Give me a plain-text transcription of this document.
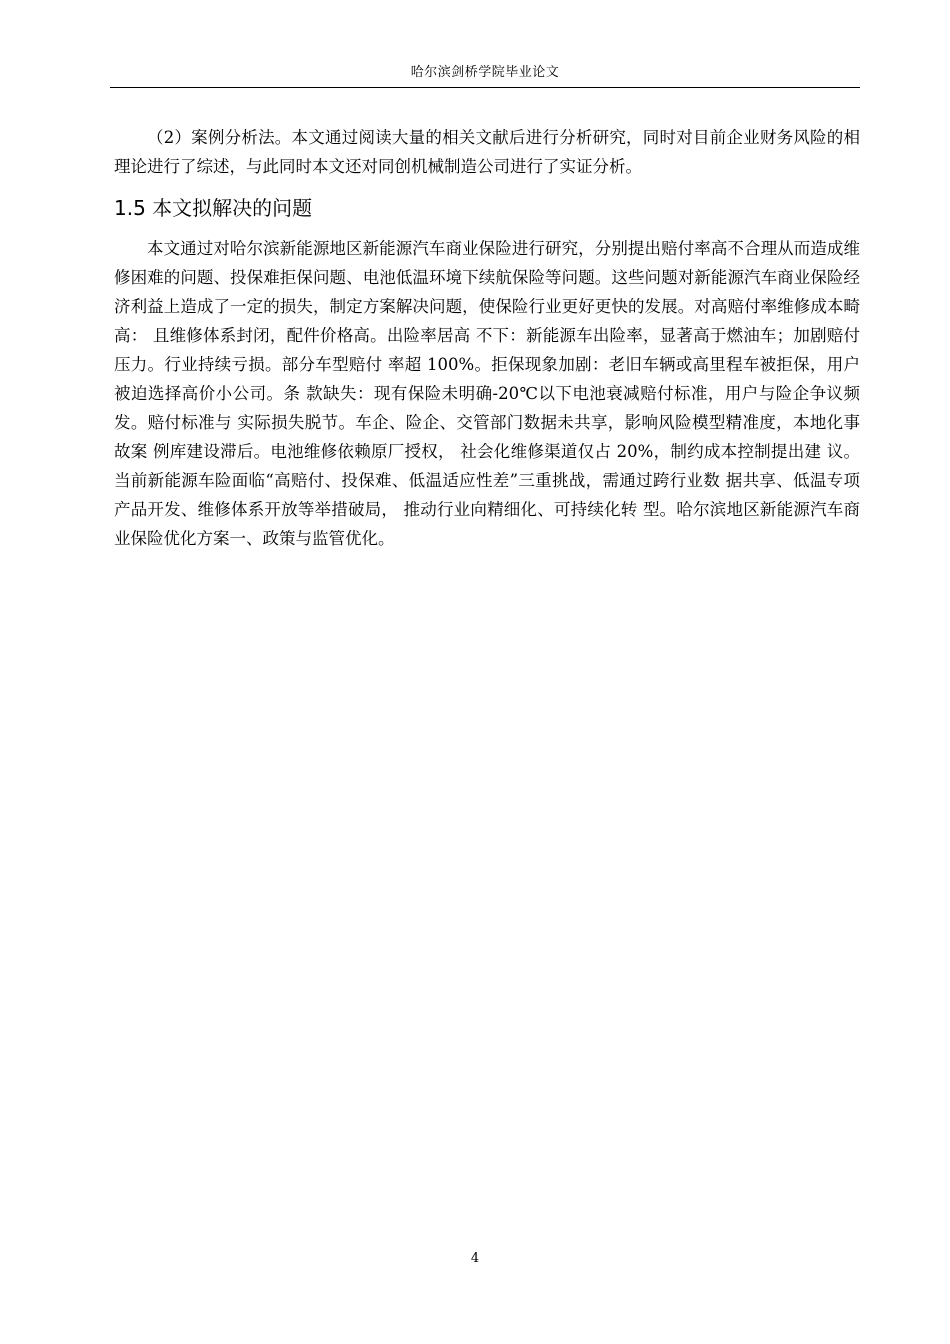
哈尔滨剑桥学院毕业论文

（2）案例分析法。本文通过阅读大量的相关文献后进行分析研究，同时对目前企业财务风险的相理论进行了综述，与此同时本文还对同创机械制造公司进行了实证分析。

1.5 本文拟解决的问题

本文通过对哈尔滨新能源地区新能源汽车商业保险进行研究，分别提出赔付率高不合理从而造成维修困难的问题、投保难拒保问题、电池低温环境下续航保险等问题。这些问题对新能源汽车商业保险经济利益上造成了一定的损失，制定方案解决问题，使保险行业更好更快的发展。对高赔付率维修成本畸高： 且维修体系封闭，配件价格高。出险率居高 不下：新能源车出险率，显著高于燃油车；加剧赔付压力。行业持续亏损。部分车型赔付 率超 100%。拒保现象加剧：老旧车辆或高里程车被拒保，用户被迫选择高价小公司。条 款缺失：现有保险未明确-20℃以下电池衰减赔付标准，用户与险企争议频发。赔付标准与 实际损失脱节。车企、险企、交管部门数据未共享，影响风险模型精准度，本地化事故案 例库建设滞后。电池维修依赖原厂授权， 社会化维修渠道仅占 20%，制约成本控制提出建 议。当前新能源车险面临“高赔付、投保难、低温适应性差”三重挑战，需通过跨行业数 据共享、低温专项产品开发、维修体系开放等举措破局， 推动行业向精细化、可持续化转 型。哈尔滨地区新能源汽车商业保险优化方案一、政策与监管优化。

4
